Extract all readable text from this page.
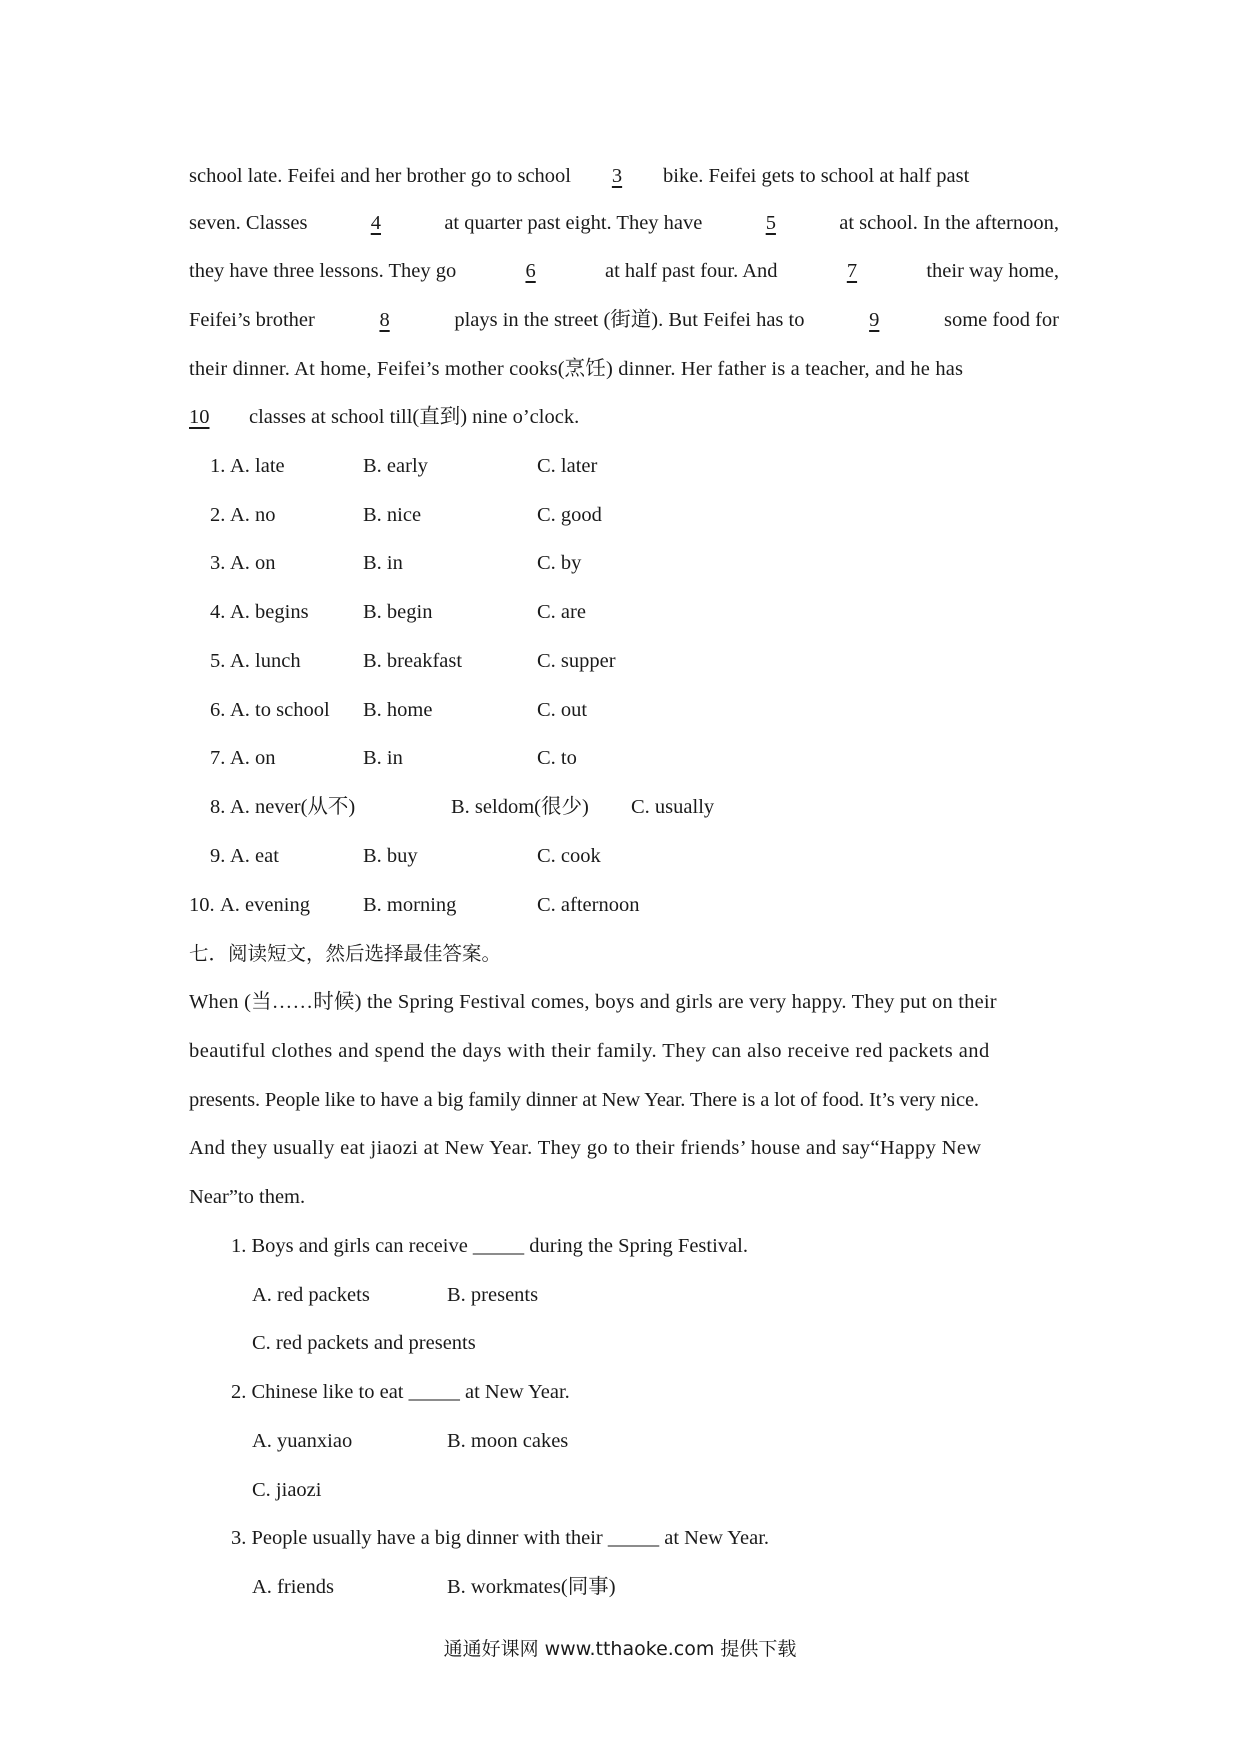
school late. Feifei and her brother go to school 3 bike. Feifei gets to school at half past
seven. Classes	4	at quarter past eight. They have	5	at school. In the afternoon,
they have three lessons. They go	6	at half past four. And	7	their way home,
Feifei’s brother	8	plays in the street (街道). But Feifei has to	9	some food for
their dinner. At home, Feifei’s mother cooks(烹饪) dinner. Her father is a teacher, and he has
10 classes at school till(直到) nine o’clock.
1. A. late	B. early	C. later
2. A. no	B. nice	C. good
3. A. on	B. in	C. by
4. A. begins	B. begin	C. are
5. A. lunch	B. breakfast	C. supper
6. A. to school B. home	C. out
7. A. on	B. in	C. to
8. A. never(从不)	B. seldom(很少) C. usually
9. A. eat	B. buy	C. cook
10. A. evening	B. morning	C. afternoon
七．阅读短文，然后选择最佳答案。
When (当……时候) the Spring Festival comes, boys and girls are very happy. They put on their
beautiful clothes and spend the days with their family. They can also receive red packets and
presents. People like to have a big family dinner at New Year. There is a lot of food. It’s very nice.
And they usually eat jiaozi at New Year. They go to their friends’ house and say“Happy New
Near”to them.
1. Boys and girls can receive _____ during the Spring Festival.
A. red packets	B. presents
C. red packets and presents
2. Chinese like to eat _____ at New Year.
A. yuanxiao	B. moon cakes
C. jiaozi
3. People usually have a big dinner with their _____ at New Year.
A. friends	B. workmates(同事)
通通好课网 www.tthaoke.com 提供下载
